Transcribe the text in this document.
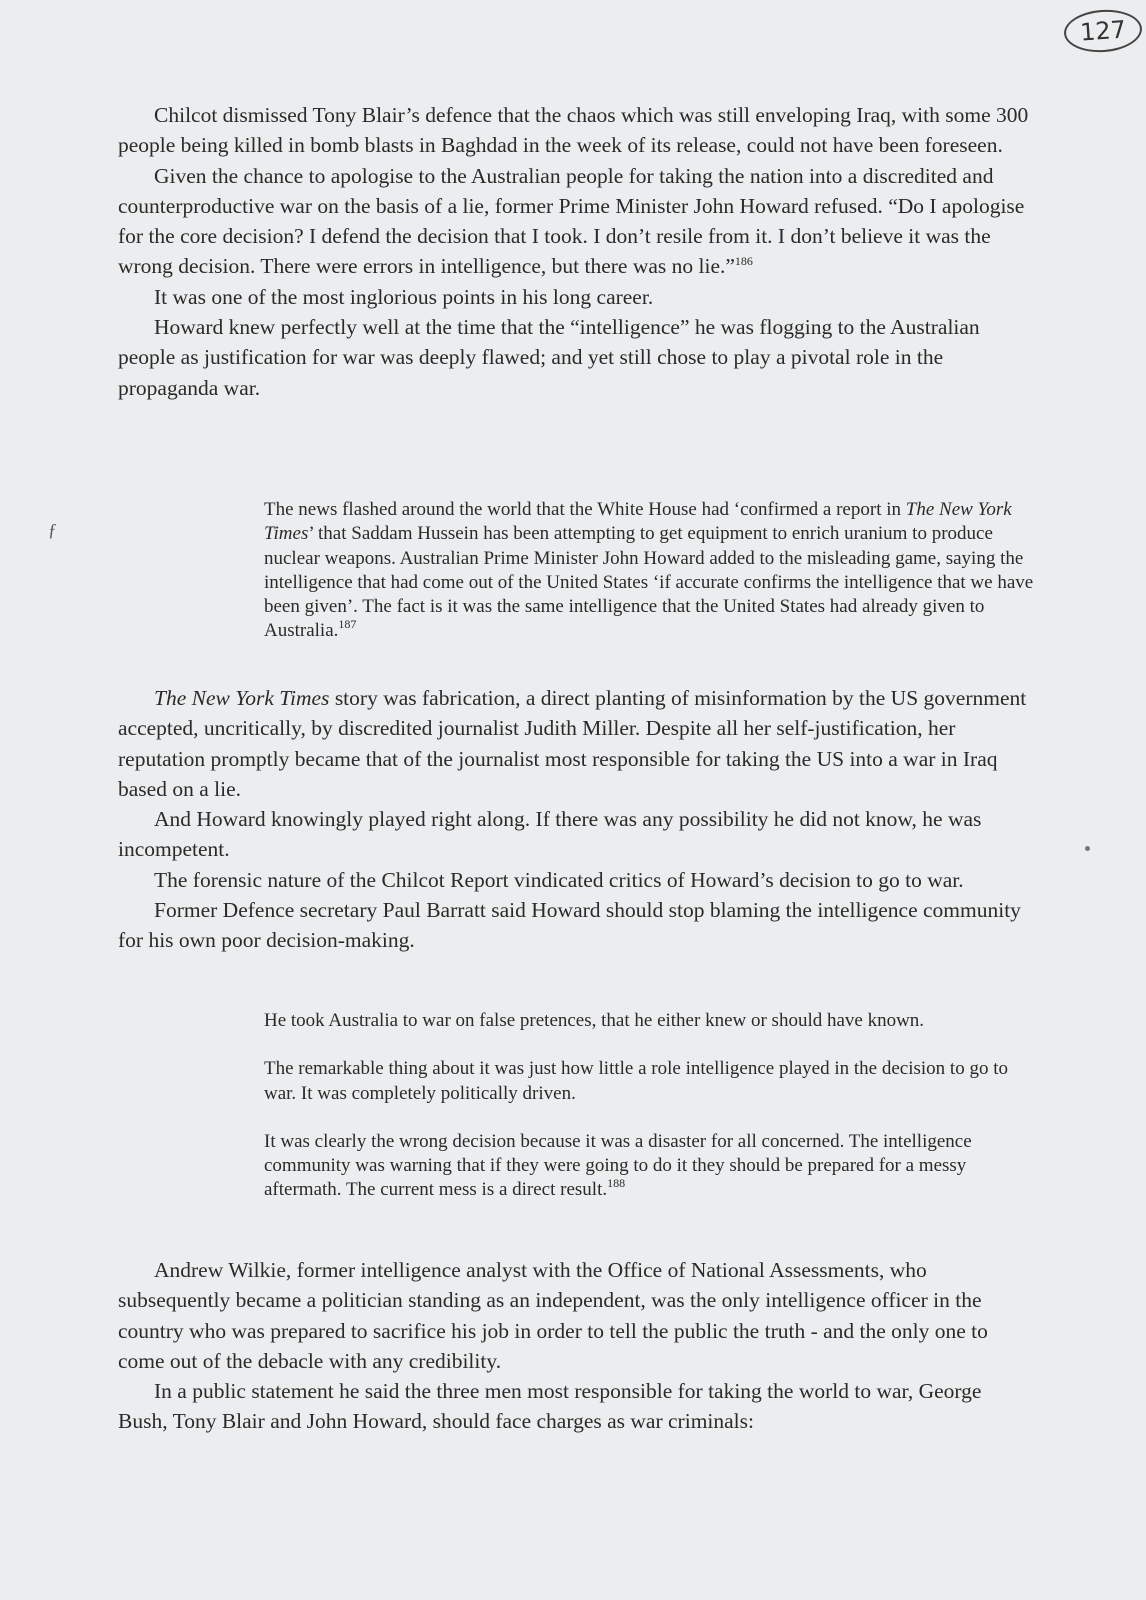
127
ƒ

Chilcot dismissed Tony Blair’s defence that the chaos which was still enveloping Iraq, with some 300 people being killed in bomb blasts in Baghdad in the week of its release, could not have been foreseen.

Given the chance to apologise to the Australian people for taking the nation into a discredited and counterproductive war on the basis of a lie, former Prime Minister John Howard refused. “Do I apologise for the core decision? I defend the decision that I took. I don’t resile from it. I don’t believe it was the wrong decision. There were errors in intelligence, but there was no lie.”$^{186}$

It was one of the most inglorious points in his long career.

Howard knew perfectly well at the time that the “intelligence” he was flogging to the Australian people as justification for war was deeply flawed; and yet still chose to play a pivotal role in the propaganda war.

The news flashed around the world that the White House had ‘confirmed a report in The New York Times’ that Saddam Hussein has been attempting to get equipment to enrich uranium to produce nuclear weapons. Australian Prime Minister John Howard added to the misleading game, saying the intelligence that had come out of the United States ‘if accurate confirms the intelligence that we have been given’. The fact is it was the same intelligence that the United States had already given to Australia.$^{187}$

The New York Times story was fabrication, a direct planting of misinformation by the US government accepted, uncritically, by discredited journalist Judith Miller. Despite all her self-justification, her reputation promptly became that of the journalist most responsible for taking the US into a war in Iraq based on a lie.

And Howard knowingly played right along. If there was any possibility he did not know, he was incompetent.

The forensic nature of the Chilcot Report vindicated critics of Howard’s decision to go to war.

Former Defence secretary Paul Barratt said Howard should stop blaming the intelligence community for his own poor decision-making.

He took Australia to war on false pretences, that he either knew or should have known.

The remarkable thing about it was just how little a role intelligence played in the decision to go to war. It was completely politically driven.

It was clearly the wrong decision because it was a disaster for all concerned. The intelligence community was warning that if they were going to do it they should be prepared for a messy aftermath. The current mess is a direct result.$^{188}$

Andrew Wilkie, former intelligence analyst with the Office of National Assessments, who subsequently became a politician standing as an independent, was the only intelligence officer in the country who was prepared to sacrifice his job in order to tell the public the truth - and the only one to come out of the debacle with any credibility.

In a public statement he said the three men most responsible for taking the world to war, George Bush, Tony Blair and John Howard, should face charges as war criminals:
